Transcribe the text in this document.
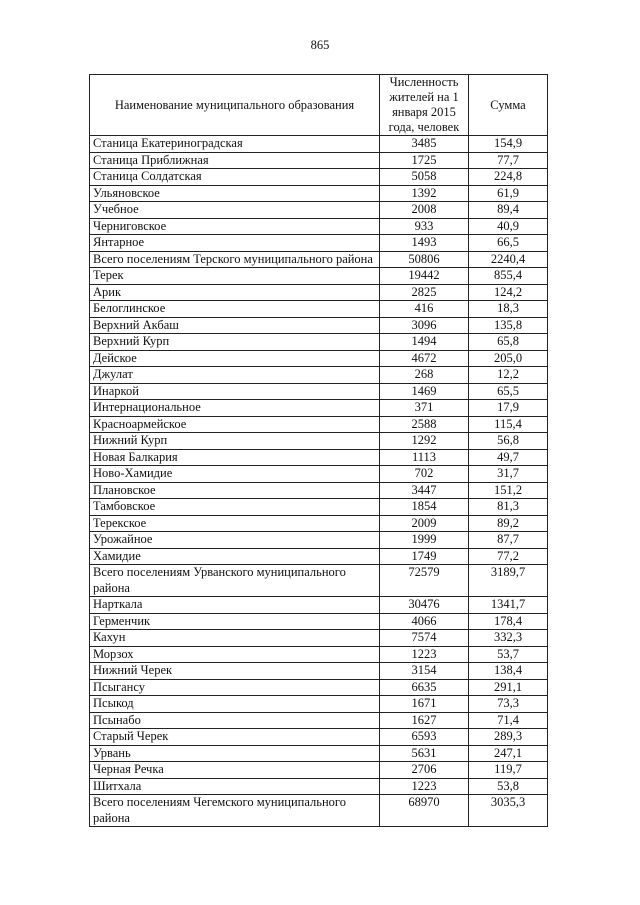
865
Наименование муниципального образования	Численность жителей на 1 января 2015 года, человек	Сумма
Станица Екатериноградская	3485	154,9
Станица Приближная	1725	77,7
Станица Солдатская	5058	224,8
Ульяновское	1392	61,9
Учебное	2008	89,4
Черниговское	933	40,9
Янтарное	1493	66,5
Всего поселениям Терского муниципального района	50806	2240,4
Терек	19442	855,4
Арик	2825	124,2
Белоглинское	416	18,3
Верхний Акбаш	3096	135,8
Верхний Курп	1494	65,8
Дейское	4672	205,0
Джулат	268	12,2
Инаркой	1469	65,5
Интернациональное	371	17,9
Красноармейское	2588	115,4
Нижний Курп	1292	56,8
Новая Балкария	1113	49,7
Ново-Хамидие	702	31,7
Плановское	3447	151,2
Тамбовское	1854	81,3
Терекское	2009	89,2
Урожайное	1999	87,7
Хамидие	1749	77,2
Всего поселениям Урванского муниципального района	72579	3189,7
Нарткала	30476	1341,7
Герменчик	4066	178,4
Кахун	7574	332,3
Морзох	1223	53,7
Нижний Черек	3154	138,4
Псыгансу	6635	291,1
Псыкод	1671	73,3
Псынабо	1627	71,4
Старый Черек	6593	289,3
Урвань	5631	247,1
Черная Речка	2706	119,7
Шитхала	1223	53,8
Всего поселениям Чегемского муниципального района	68970	3035,3
